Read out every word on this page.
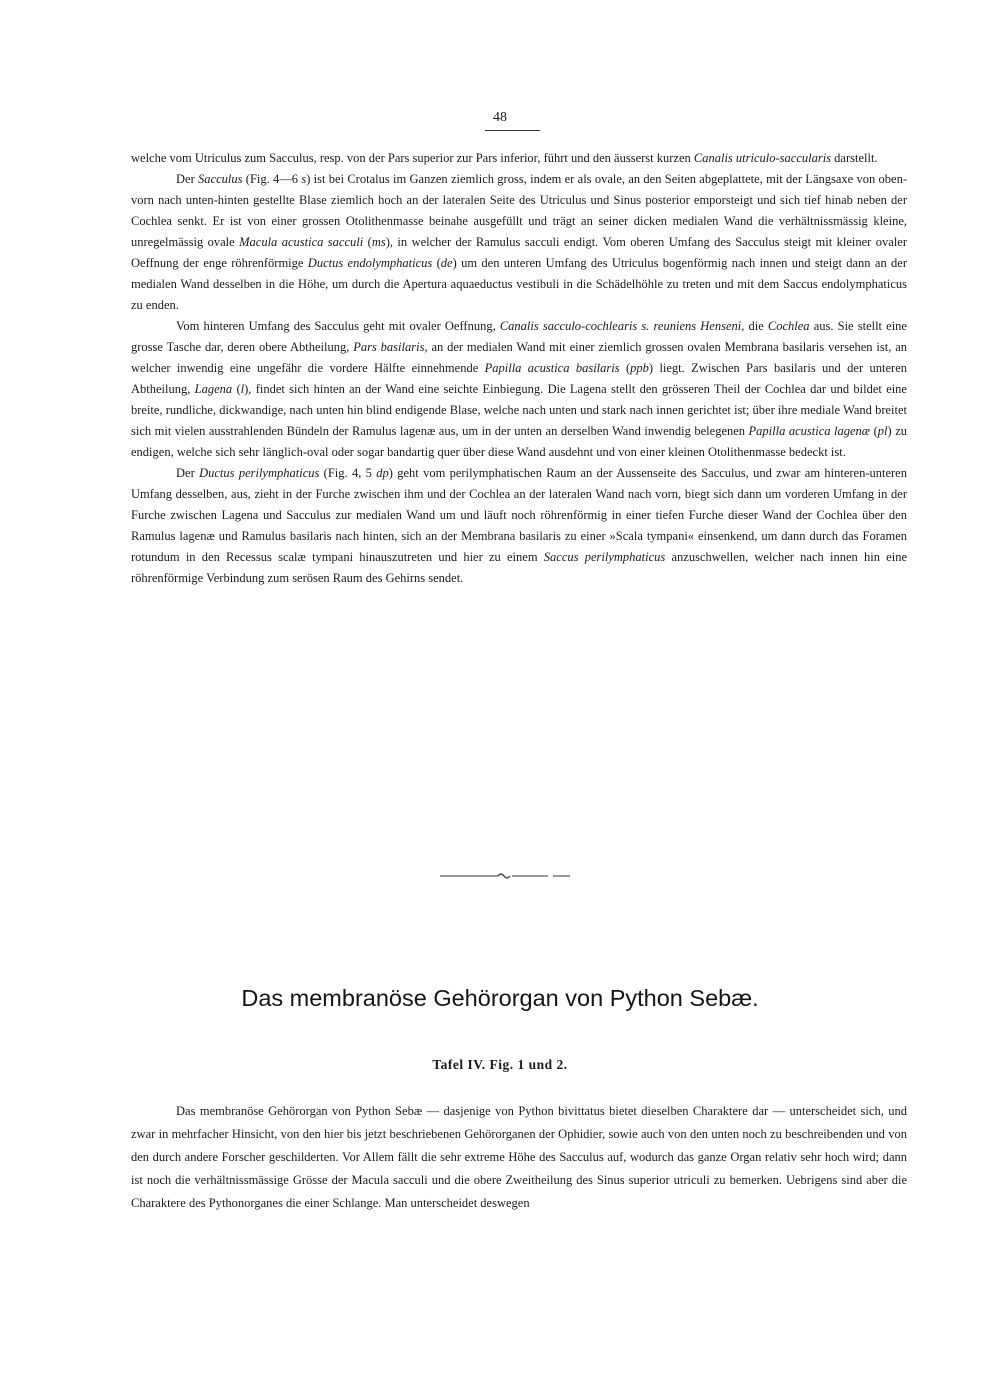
48

welche vom Utriculus zum Sacculus, resp. von der Pars superior zur Pars inferior, führt und den äusserst kurzen Canalis utriculo-saccularis darstellt.

Der Sacculus (Fig. 4—6 s) ist bei Crotalus im Ganzen ziemlich gross, indem er als ovale, an den Seiten abgeplattete, mit der Längsaxe von oben-vorn nach unten-hinten gestellte Blase ziemlich hoch an der lateralen Seite des Utriculus und Sinus posterior emporsteigt und sich tief hinab neben der Cochlea senkt. Er ist von einer grossen Otolithenmasse beinahe ausgefüllt und trägt an seiner dicken medialen Wand die verhältnissmässig kleine, unregelmässig ovale Macula acustica sacculi (ms), in welcher der Ramulus sacculi endigt. Vom oberen Umfang des Sacculus steigt mit kleiner ovaler Oeffnung der enge röhrenförmige Ductus endolymphaticus (de) um den unteren Umfang des Utriculus bogenförmig nach innen und steigt dann an der medialen Wand desselben in die Höhe, um durch die Apertura aquaeductus vestibuli in die Schädelhöhle zu treten und mit dem Saccus endolymphaticus zu enden.

Vom hinteren Umfang des Sacculus geht mit ovaler Oeffnung, Canalis sacculo-cochlearis s. reuniens Henseni, die Cochlea aus. Sie stellt eine grosse Tasche dar, deren obere Abtheilung, Pars basilaris, an der medialen Wand mit einer ziemlich grossen ovalen Membrana basilaris versehen ist, an welcher inwendig eine ungefähr die vordere Hälfte einnehmende Papilla acustica basilaris (ppb) liegt. Zwischen Pars basilaris und der unteren Abtheilung, Lagena (l), findet sich hinten an der Wand eine seichte Einbiegung. Die Lagena stellt den grösseren Theil der Cochlea dar und bildet eine breite, rundliche, dickwandige, nach unten hin blind endigende Blase, welche nach unten und stark nach innen gerichtet ist; über ihre mediale Wand breitet sich mit vielen ausstrahlenden Bündeln der Ramulus lagenæ aus, um in der unten an derselben Wand inwendig belegenen Papilla acustica lagenæ (pl) zu endigen, welche sich sehr länglich-oval oder sogar bandartig quer über diese Wand ausdehnt und von einer kleinen Otolithenmasse bedeckt ist.

Der Ductus perilymphaticus (Fig. 4, 5 dp) geht vom perilymphatischen Raum an der Aussenseite des Sacculus, und zwar am hinteren-unteren Umfang desselben, aus, zieht in der Furche zwischen ihm und der Cochlea an der lateralen Wand nach vorn, biegt sich dann um vorderen Umfang in der Furche zwischen Lagena und Sacculus zur medialen Wand um und läuft noch röhrenförmig in einer tiefen Furche dieser Wand der Cochlea über den Ramulus lagenæ und Ramulus basilaris nach hinten, sich an der Membrana basilaris zu einer »Scala tympani« einsenkend, um dann durch das Foramen rotundum in den Recessus scalæ tympani hinauszutreten und hier zu einem Saccus perilymphaticus anzuschwellen, welcher nach innen hin eine röhrenförmige Verbindung zum serösen Raum des Gehirns sendet.

Das membranöse Gehörorgan von Python Sebæ.
Tafel IV. Fig. 1 und 2.

Das membranöse Gehörorgan von Python Sebæ — dasjenige von Python bivittatus bietet dieselben Charaktere dar — unterscheidet sich, und zwar in mehrfacher Hinsicht, von den hier bis jetzt beschriebenen Gehörorganen der Ophidier, sowie auch von den unten noch zu beschreibenden und von den durch andere Forscher geschilderten. Vor Allem fällt die sehr extreme Höhe des Sacculus auf, wodurch das ganze Organ relativ sehr hoch wird; dann ist noch die verhältnissmässige Grösse der Macula sacculi und die obere Zweitheilung des Sinus superior utriculi zu bemerken. Uebrigens sind aber die Charaktere des Pythonorganes die einer Schlange. Man unterscheidet deswegen
